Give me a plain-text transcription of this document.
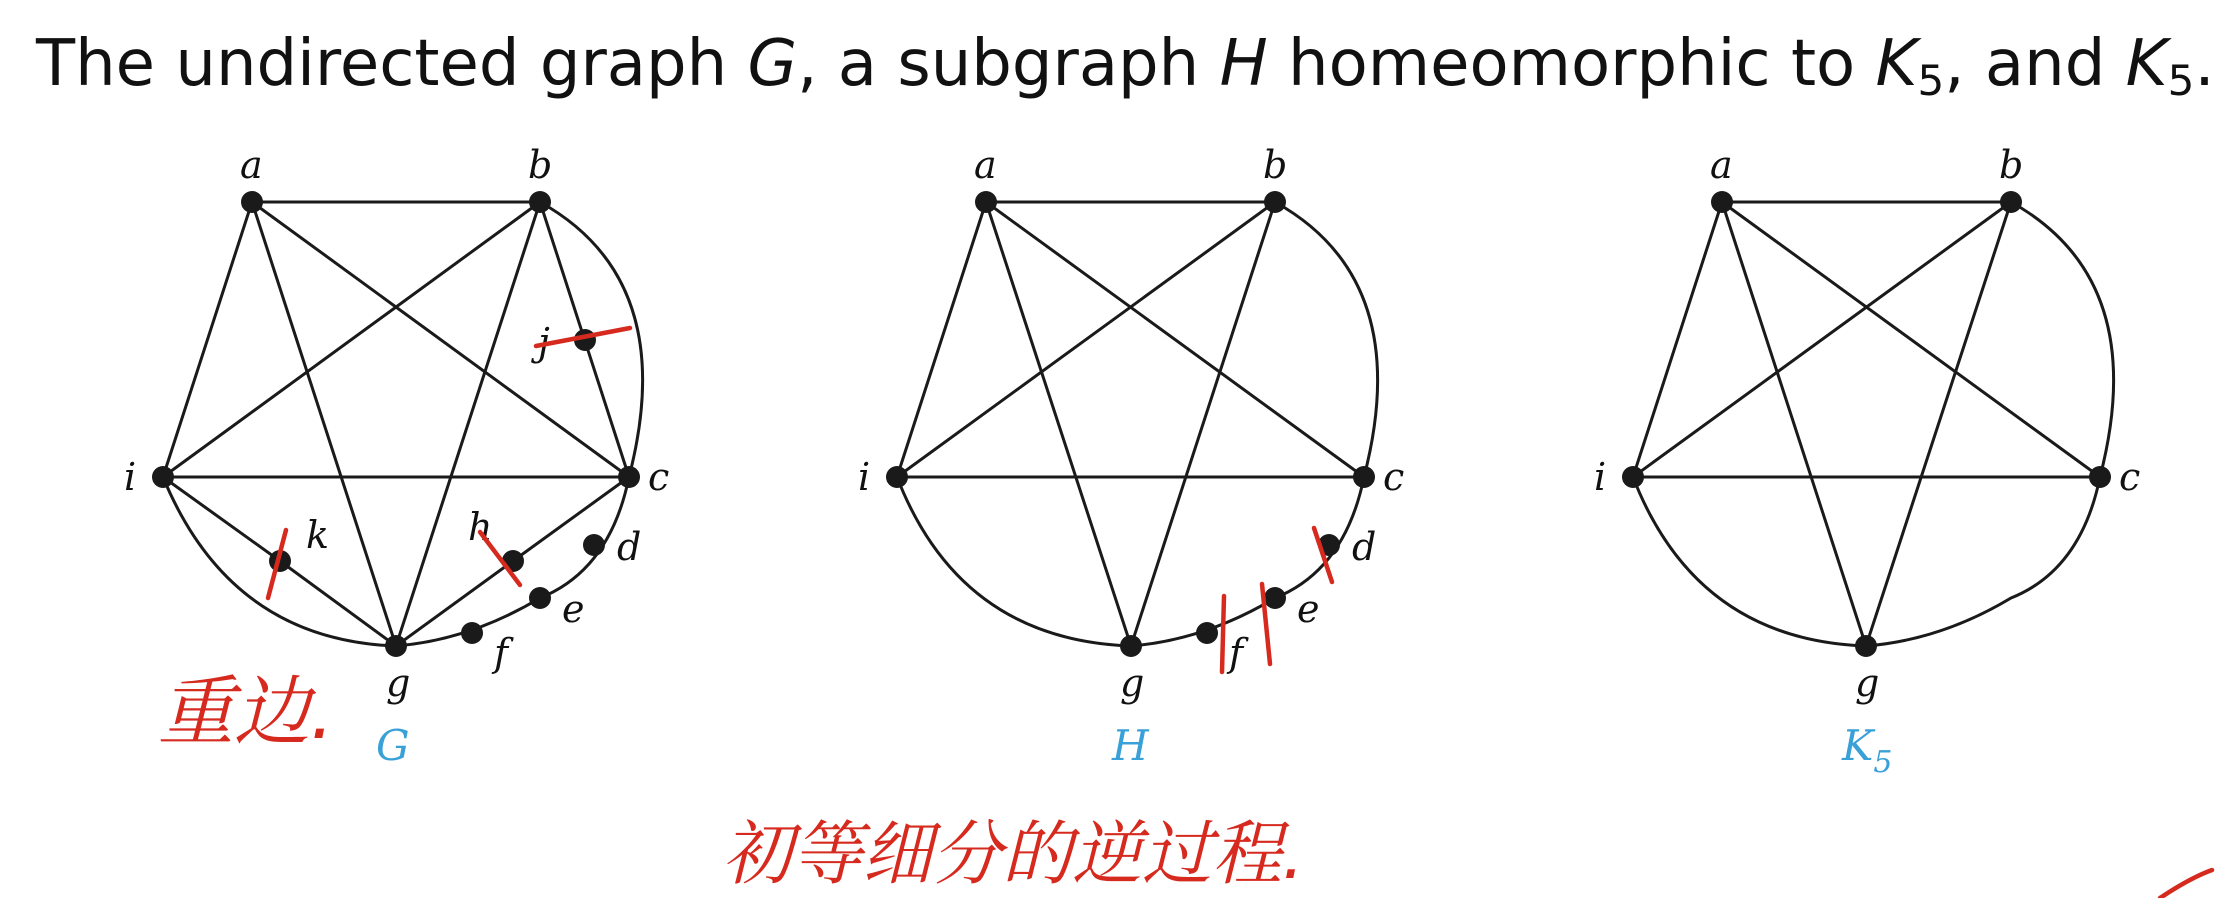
The undirected graph G, a subgraph H homeomorphic to $K_5$, and $K_5$.
a	b
i	c
g
j
k	h	d
e
f
G
a	b
i	c
g
d
e
f
H
a	b
i	c
g
$K_5$
重边.
初等细分的逆过程.
